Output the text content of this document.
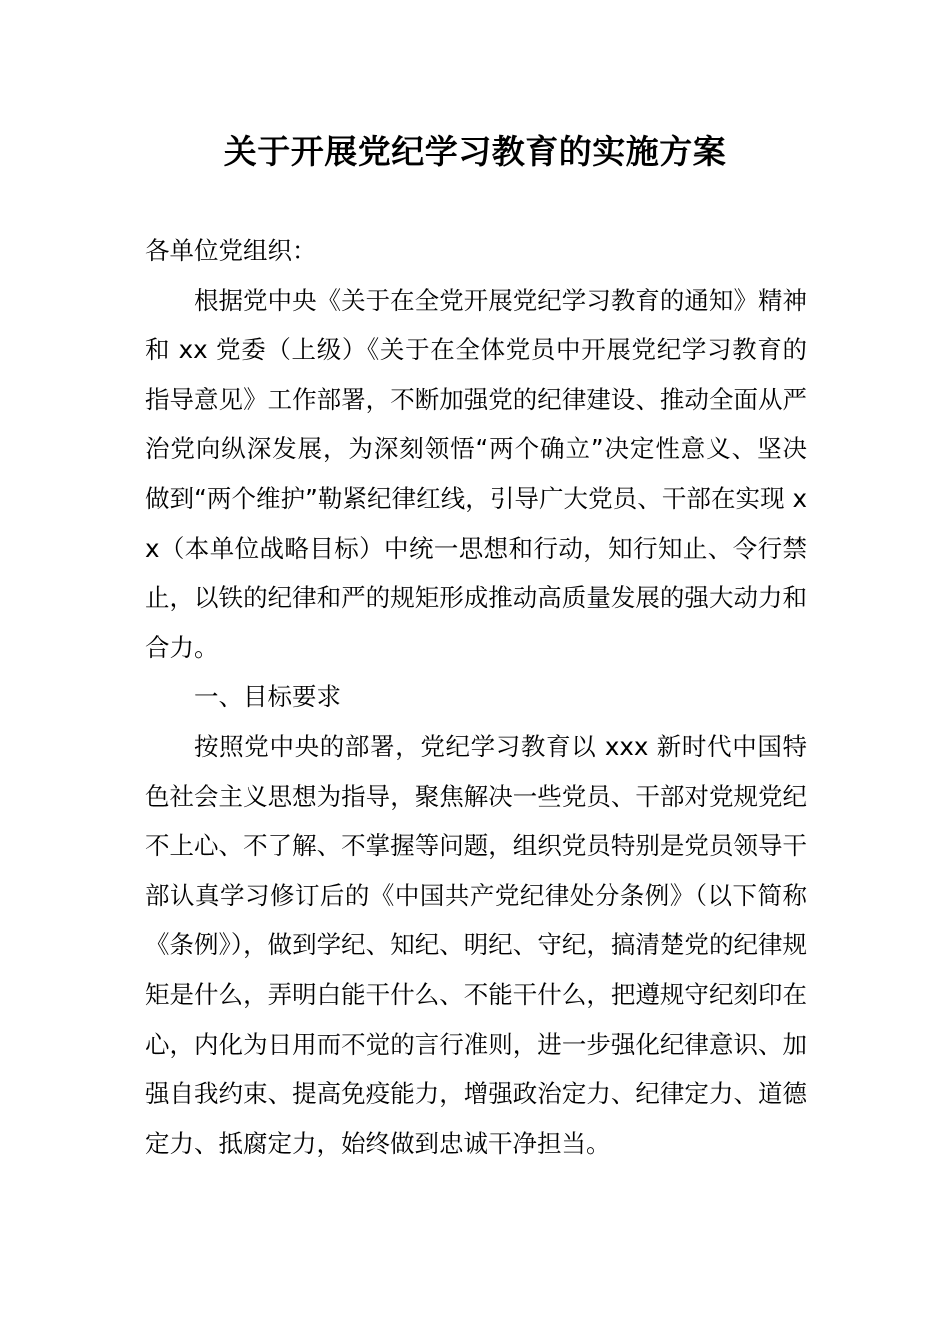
关于开展党纪学习教育的实施方案

各单位党组织：

根据党中央《关于在全党开展党纪学习教育的通知》精神和 xx 党委（上级）《关于在全体党员中开展党纪学习教育的指导意见》工作部署，不断加强党的纪律建设、推动全面从严治党向纵深发展，为深刻领悟“两个确立”决定性意义、坚决做到“两个维护”勒紧纪律红线，引导广大党员、干部在实现 xx（本单位战略目标）中统一思想和行动，知行知止、令行禁止，以铁的纪律和严的规矩形成推动高质量发展的强大动力和合力。

一、目标要求

按照党中央的部署，党纪学习教育以 xxx 新时代中国特色社会主义思想为指导，聚焦解决一些党员、干部对党规党纪不上心、不了解、不掌握等问题，组织党员特别是党员领导干部认真学习修订后的《中国共产党纪律处分条例》（以下简称《条例》），做到学纪、知纪、明纪、守纪，搞清楚党的纪律规矩是什么，弄明白能干什么、不能干什么，把遵规守纪刻印在心，内化为日用而不觉的言行准则，进一步强化纪律意识、加强自我约束、提高免疫能力，增强政治定力、纪律定力、道德定力、抵腐定力，始终做到忠诚干净担当。
